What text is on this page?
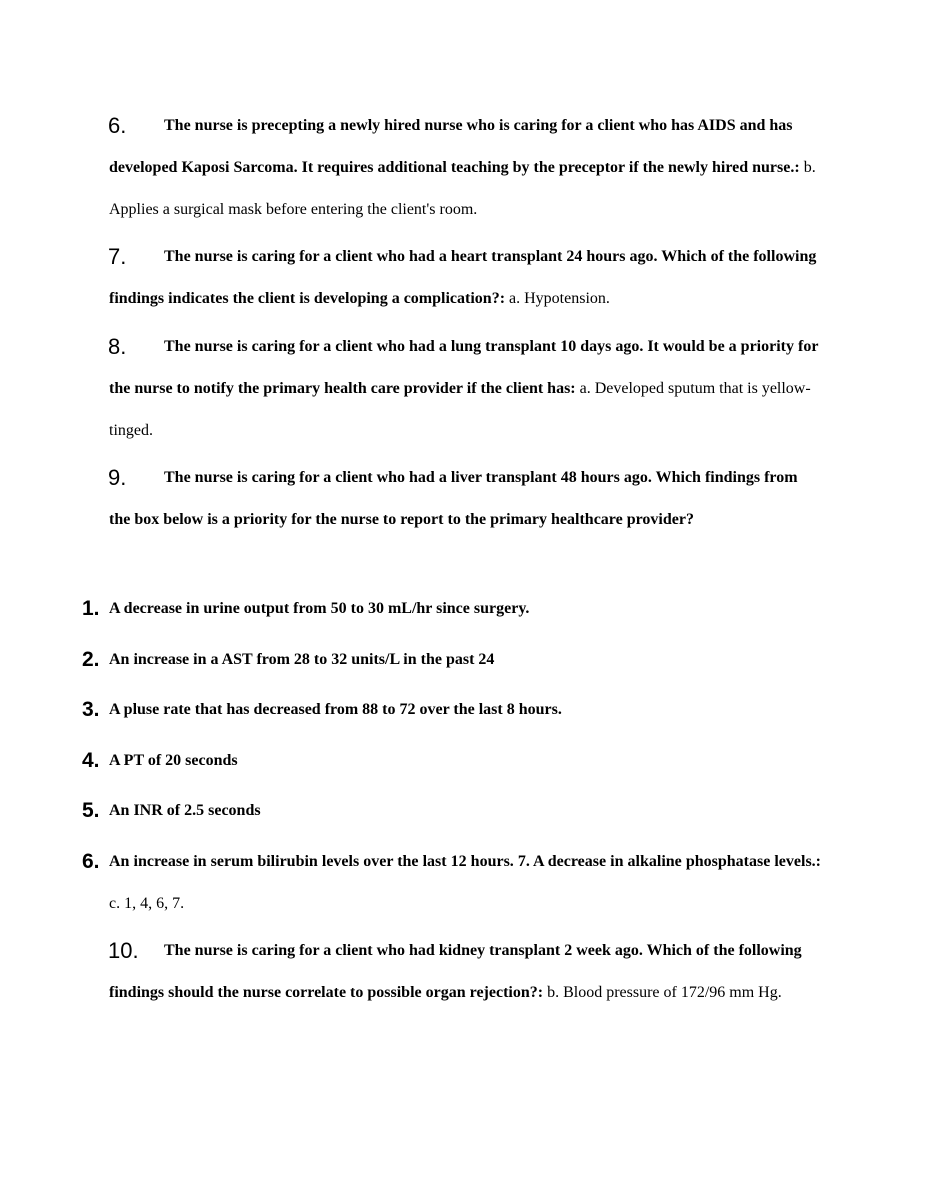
6.	The nurse is precepting a newly hired nurse who is caring for a client who has AIDS and has developed Kaposi Sarcoma. It requires additional teaching by the preceptor if the newly hired nurse.: b. Applies a surgical mask before entering the client's room.
7.	The nurse is caring for a client who had a heart transplant 24 hours ago. Which of the following findings indicates the client is developing a complication?: a. Hypotension.
8.	The nurse is caring for a client who had a lung transplant 10 days ago. It would be a priority for the nurse to notify the primary health care provider if the client has: a. Developed sputum that is yellow-tinged.
9.	The nurse is caring for a client who had a liver transplant 48 hours ago. Which findings from the box below is a priority for the nurse to report to the primary healthcare provider?
1. A decrease in urine output from 50 to 30 mL/hr since surgery.
2. An increase in a AST from 28 to 32 units/L in the past 24
3. A pluse rate that has decreased from 88 to 72 over the last 8 hours.
4. A PT of 20 seconds
5. An INR of 2.5 seconds
6. An increase in serum bilirubin levels over the last 12 hours. 7. A decrease in alkaline phosphatase levels.: c. 1, 4, 6, 7.
10.	The nurse is caring for a client who had kidney transplant 2 week ago. Which of the following findings should the nurse correlate to possible organ rejection?: b. Blood pressure of 172/96 mm Hg.
